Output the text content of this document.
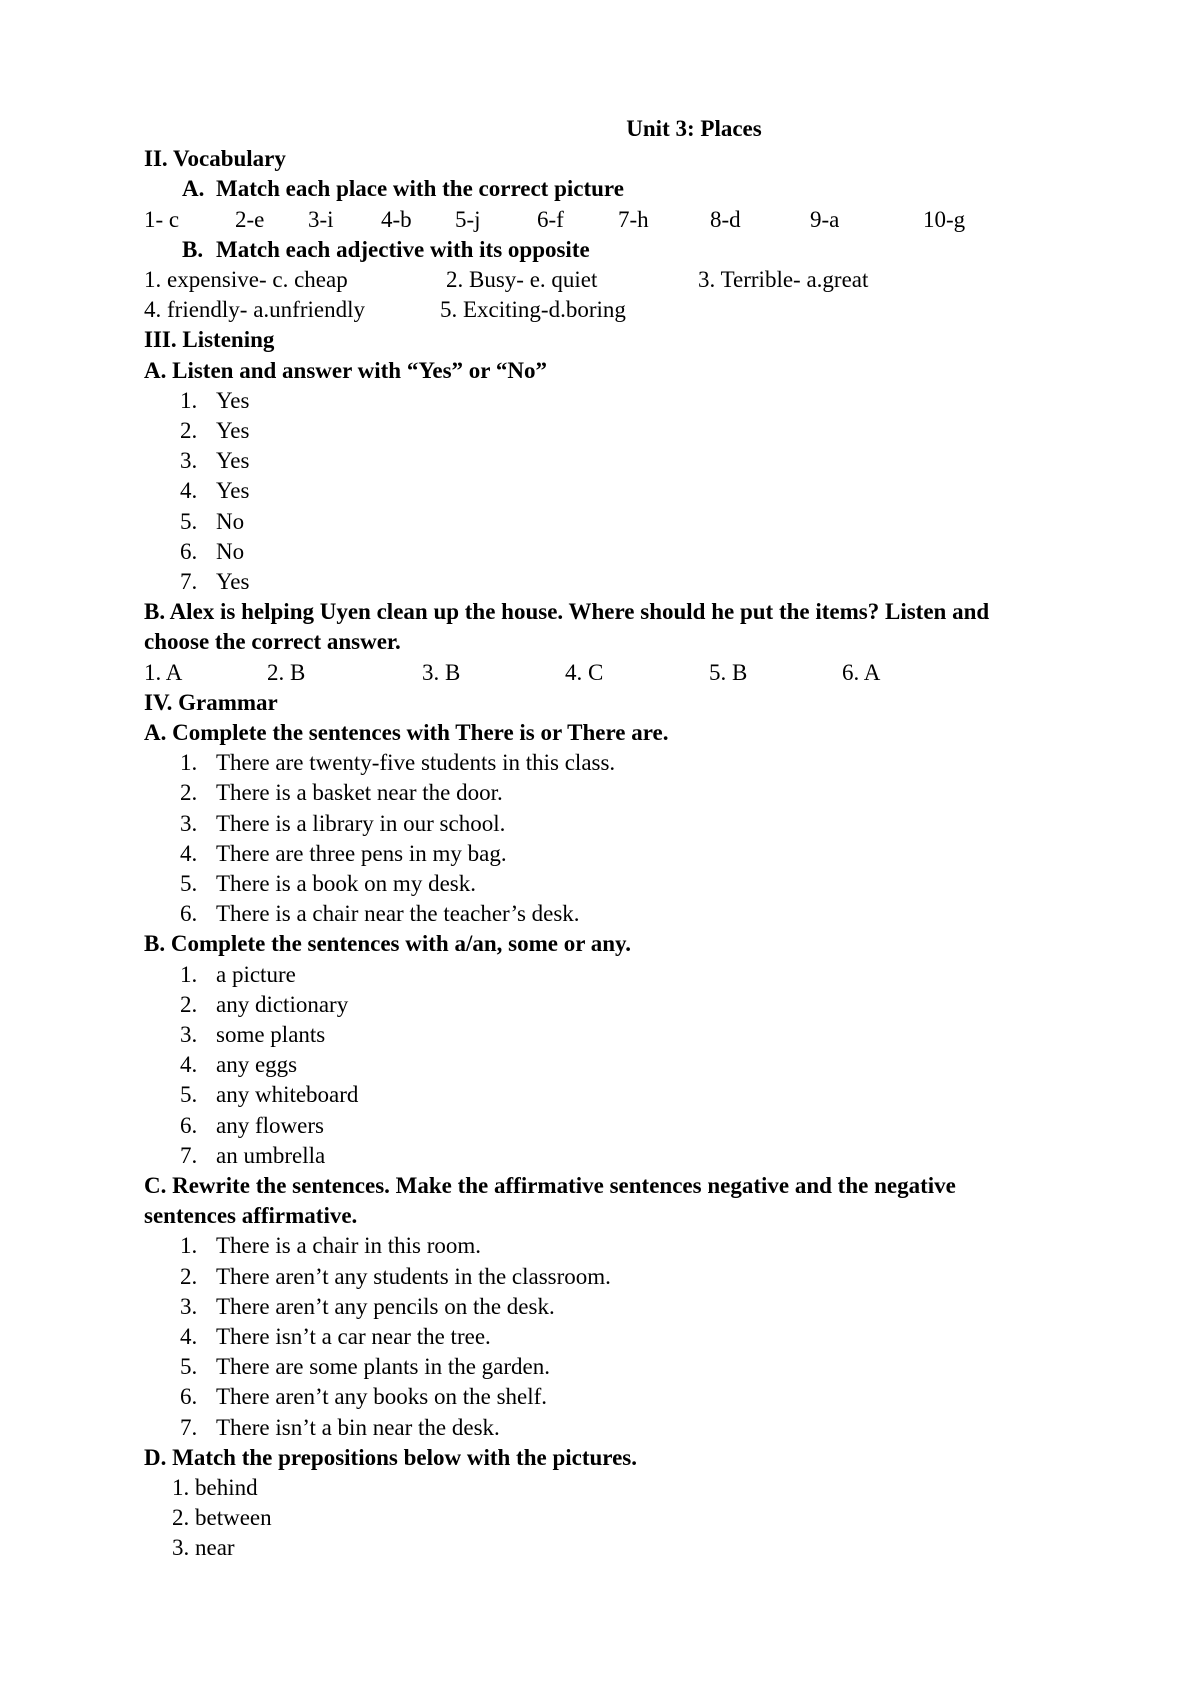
Unit 3: Places
II. Vocabulary
A. Match each place with the correct picture
1- c 2-e 3-i 4-b 5-j 6-f 7-h	8-d	9-a	10-g
B. Match each adjective with its opposite
1. expensive- c. cheap	2. Busy- e. quiet	3. Terrible- a.great
4. friendly- a.unfriendly	5. Exciting-d.boring
III. Listening
A. Listen and answer with “Yes” or “No”
1. Yes
2. Yes
3. Yes
4. Yes
5. No
6. No
7. Yes
B. Alex is helping Uyen clean up the house. Where should he put the items? Listen and
choose the correct answer.
1. A	2. B	3. B	4. C	5. B	6. A
IV. Grammar
A. Complete the sentences with There is or There are.
1. There are twenty-five students in this class.
2. There is a basket near the door.
3. There is a library in our school.
4. There are three pens in my bag.
5. There is a book on my desk.
6. There is a chair near the teacher’s desk.
B. Complete the sentences with a/an, some or any.
1. a picture
2. any dictionary
3. some plants
4. any eggs
5. any whiteboard
6. any flowers
7. an umbrella
C. Rewrite the sentences. Make the affirmative sentences negative and the negative
sentences affirmative.
1. There is a chair in this room.
2. There aren’t any students in the classroom.
3. There aren’t any pencils on the desk.
4. There isn’t a car near the tree.
5. There are some plants in the garden.
6. There aren’t any books on the shelf.
7. There isn’t a bin near the desk.
D. Match the prepositions below with the pictures.
1. behind
2. between
3. near
